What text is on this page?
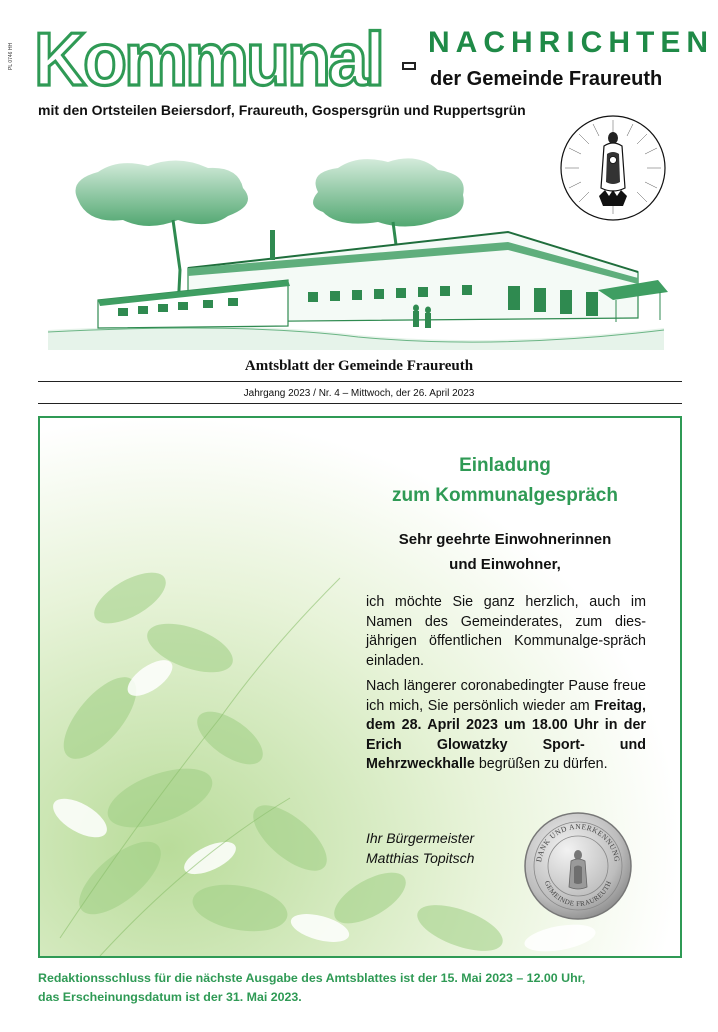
PL 0746 HH Kommunal NACHRICHTEN
der Gemeinde Fraureuth
mit den Ortsteilen Beiersdorf, Fraureuth, Gospersgrün und Ruppertsgrün
Amtsblatt der Gemeinde Fraureuth
Jahrgang 2023 / Nr. 4 – Mittwoch, der 26. April 2023
Einladung
zum Kommunalgespräch
Sehr geehrte Einwohnerinnen
und Einwohner,

ich möchte Sie ganz herzlich, auch im Namen des Gemeinderates, zum dies-jährigen öffentlichen Kommunalge-spräch einladen.

Nach längerer coronabedingter Pause freue ich mich, Sie persönlich wieder am Freitag, dem 28. April 2023 um 18.00 Uhr in der Erich Glowatzky Sport- und Mehrzweckhalle begrüßen zu dürfen.

Ihr Bürgermeister
Matthias Topitsch	DANK UND ANERKENNUNG
GEMEINDE FRAUREUTH
Redaktionsschluss für die nächste Ausgabe des Amtsblattes ist der 15. Mai 2023 – 12.00 Uhr,
das Erscheinungsdatum ist der 31. Mai 2023.
